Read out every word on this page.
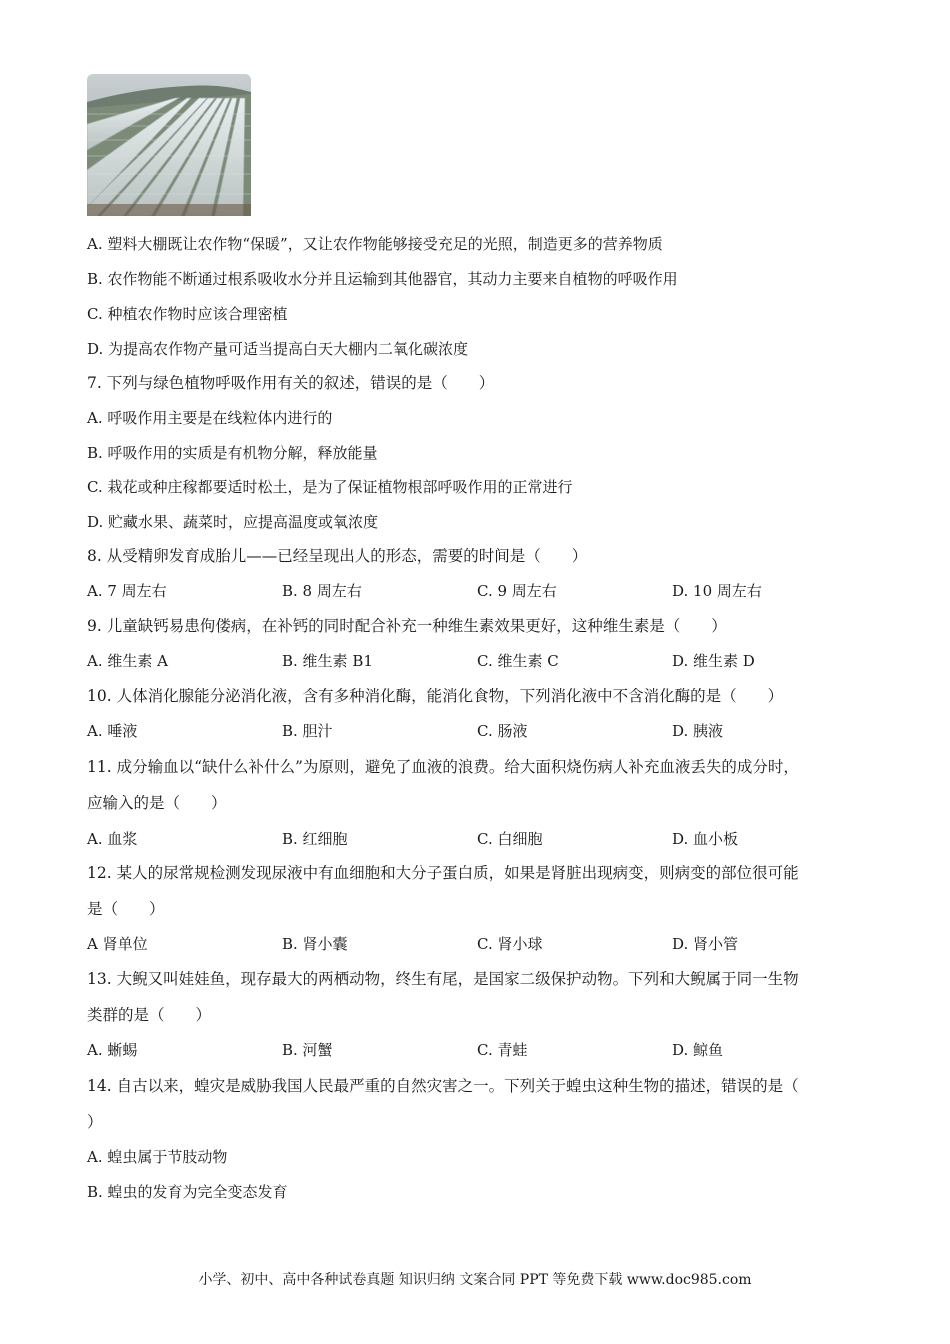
A. 塑料大棚既让农作物“保暖”，又让农作物能够接受充足的光照，制造更多的营养物质
B. 农作物能不断通过根系吸收水分并且运输到其他器官，其动力主要来自植物的呼吸作用
C. 种植农作物时应该合理密植
D. 为提高农作物产量可适当提高白天大棚内二氧化碳浓度
7. 下列与绿色植物呼吸作用有关的叙述，错误的是（　　）
A. 呼吸作用主要是在线粒体内进行的
B. 呼吸作用的实质是有机物分解，释放能量
C. 栽花或种庄稼都要适时松土，是为了保证植物根部呼吸作用的正常进行
D. 贮藏水果、蔬菜时，应提高温度或氧浓度
8. 从受精卵发育成胎儿——已经呈现出人的形态，需要的时间是（　　）
A. 7 周左右	B. 8 周左右	C. 9 周左右	D. 10 周左右
9. 儿童缺钙易患佝偻病，在补钙的同时配合补充一种维生素效果更好，这种维生素是（　　）
A. 维生素 A	B. 维生素 B1	C. 维生素 C	D. 维生素 D
10. 人体消化腺能分泌消化液，含有多种消化酶，能消化食物，下列消化液中不含消化酶的是（　　）
A. 唾液	B. 胆汁	C. 肠液	D. 胰液
11. 成分输血以“缺什么补什么”为原则，避免了血液的浪费。给大面积烧伤病人补充血液丢失的成分时，
应输入的是（　　）
A. 血浆	B. 红细胞	C. 白细胞	D. 血小板
12. 某人的尿常规检测发现尿液中有血细胞和大分子蛋白质，如果是肾脏出现病变，则病变的部位很可能
是（　　）
A 肾单位	B. 肾小囊	C. 肾小球	D. 肾小管
13. 大鲵又叫娃娃鱼，现存最大的两栖动物，终生有尾，是国家二级保护动物。下列和大鲵属于同一生物
类群的是（　　）
A. 蜥蜴	B. 河蟹	C. 青蛙	D. 鲸鱼
14. 自古以来，蝗灾是威胁我国人民最严重的自然灾害之一。下列关于蝗虫这种生物的描述，错误的是（
）
A. 蝗虫属于节肢动物
B. 蝗虫的发育为完全变态发育
小学、初中、高中各种试卷真题 知识归纳 文案合同 PPT 等免费下载 www.doc985.com
